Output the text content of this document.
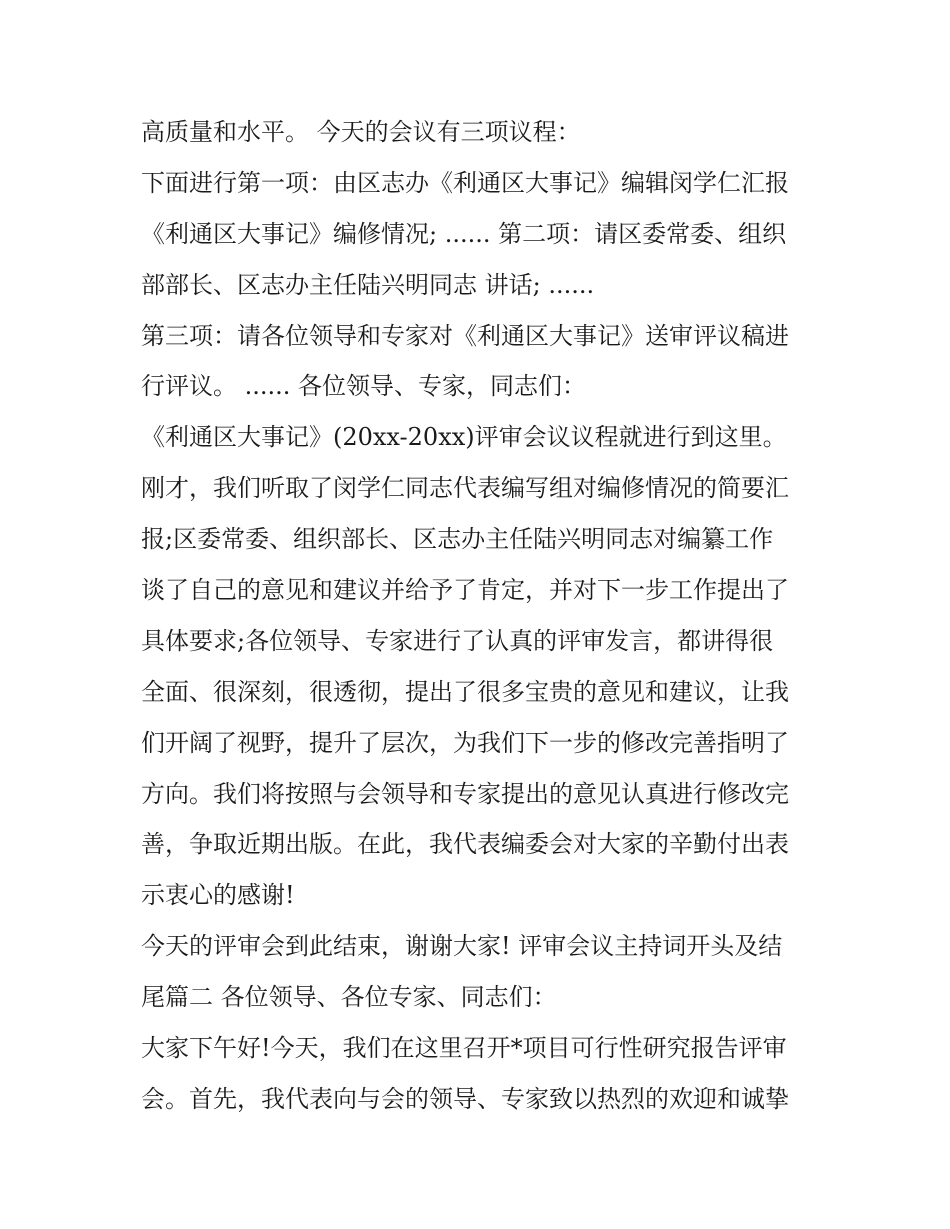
高质量和水平。 今天的会议有三项议程：
下面进行第一项：由区志办《利通区大事记》编辑闵学仁汇报
《利通区大事记》编修情况; ...... 第二项：请区委常委、组织
部部长、区志办主任陆兴明同志 讲话; ......
第三项：请各位领导和专家对《利通区大事记》送审评议稿进
行评议。 ...... 各位领导、专家，同志们：
《利通区大事记》(20xx-20xx)评审会议议程就进行到这里。
刚才，我们听取了闵学仁同志代表编写组对编修情况的简要汇
报;区委常委、组织部长、区志办主任陆兴明同志对编纂工作
谈了自己的意见和建议并给予了肯定，并对下一步工作提出了
具体要求;各位领导、专家进行了认真的评审发言，都讲得很
全面、很深刻，很透彻，提出了很多宝贵的意见和建议，让我
们开阔了视野，提升了层次，为我们下一步的修改完善指明了
方向。我们将按照与会领导和专家提出的意见认真进行修改完
善，争取近期出版。在此，我代表编委会对大家的辛勤付出表
示衷心的感谢!
今天的评审会到此结束，谢谢大家! 评审会议主持词开头及结
尾篇二 各位领导、各位专家、同志们：
大家下午好!今天，我们在这里召开*项目可行性研究报告评审
会。首先，我代表向与会的领导、专家致以热烈的欢迎和诚挚
